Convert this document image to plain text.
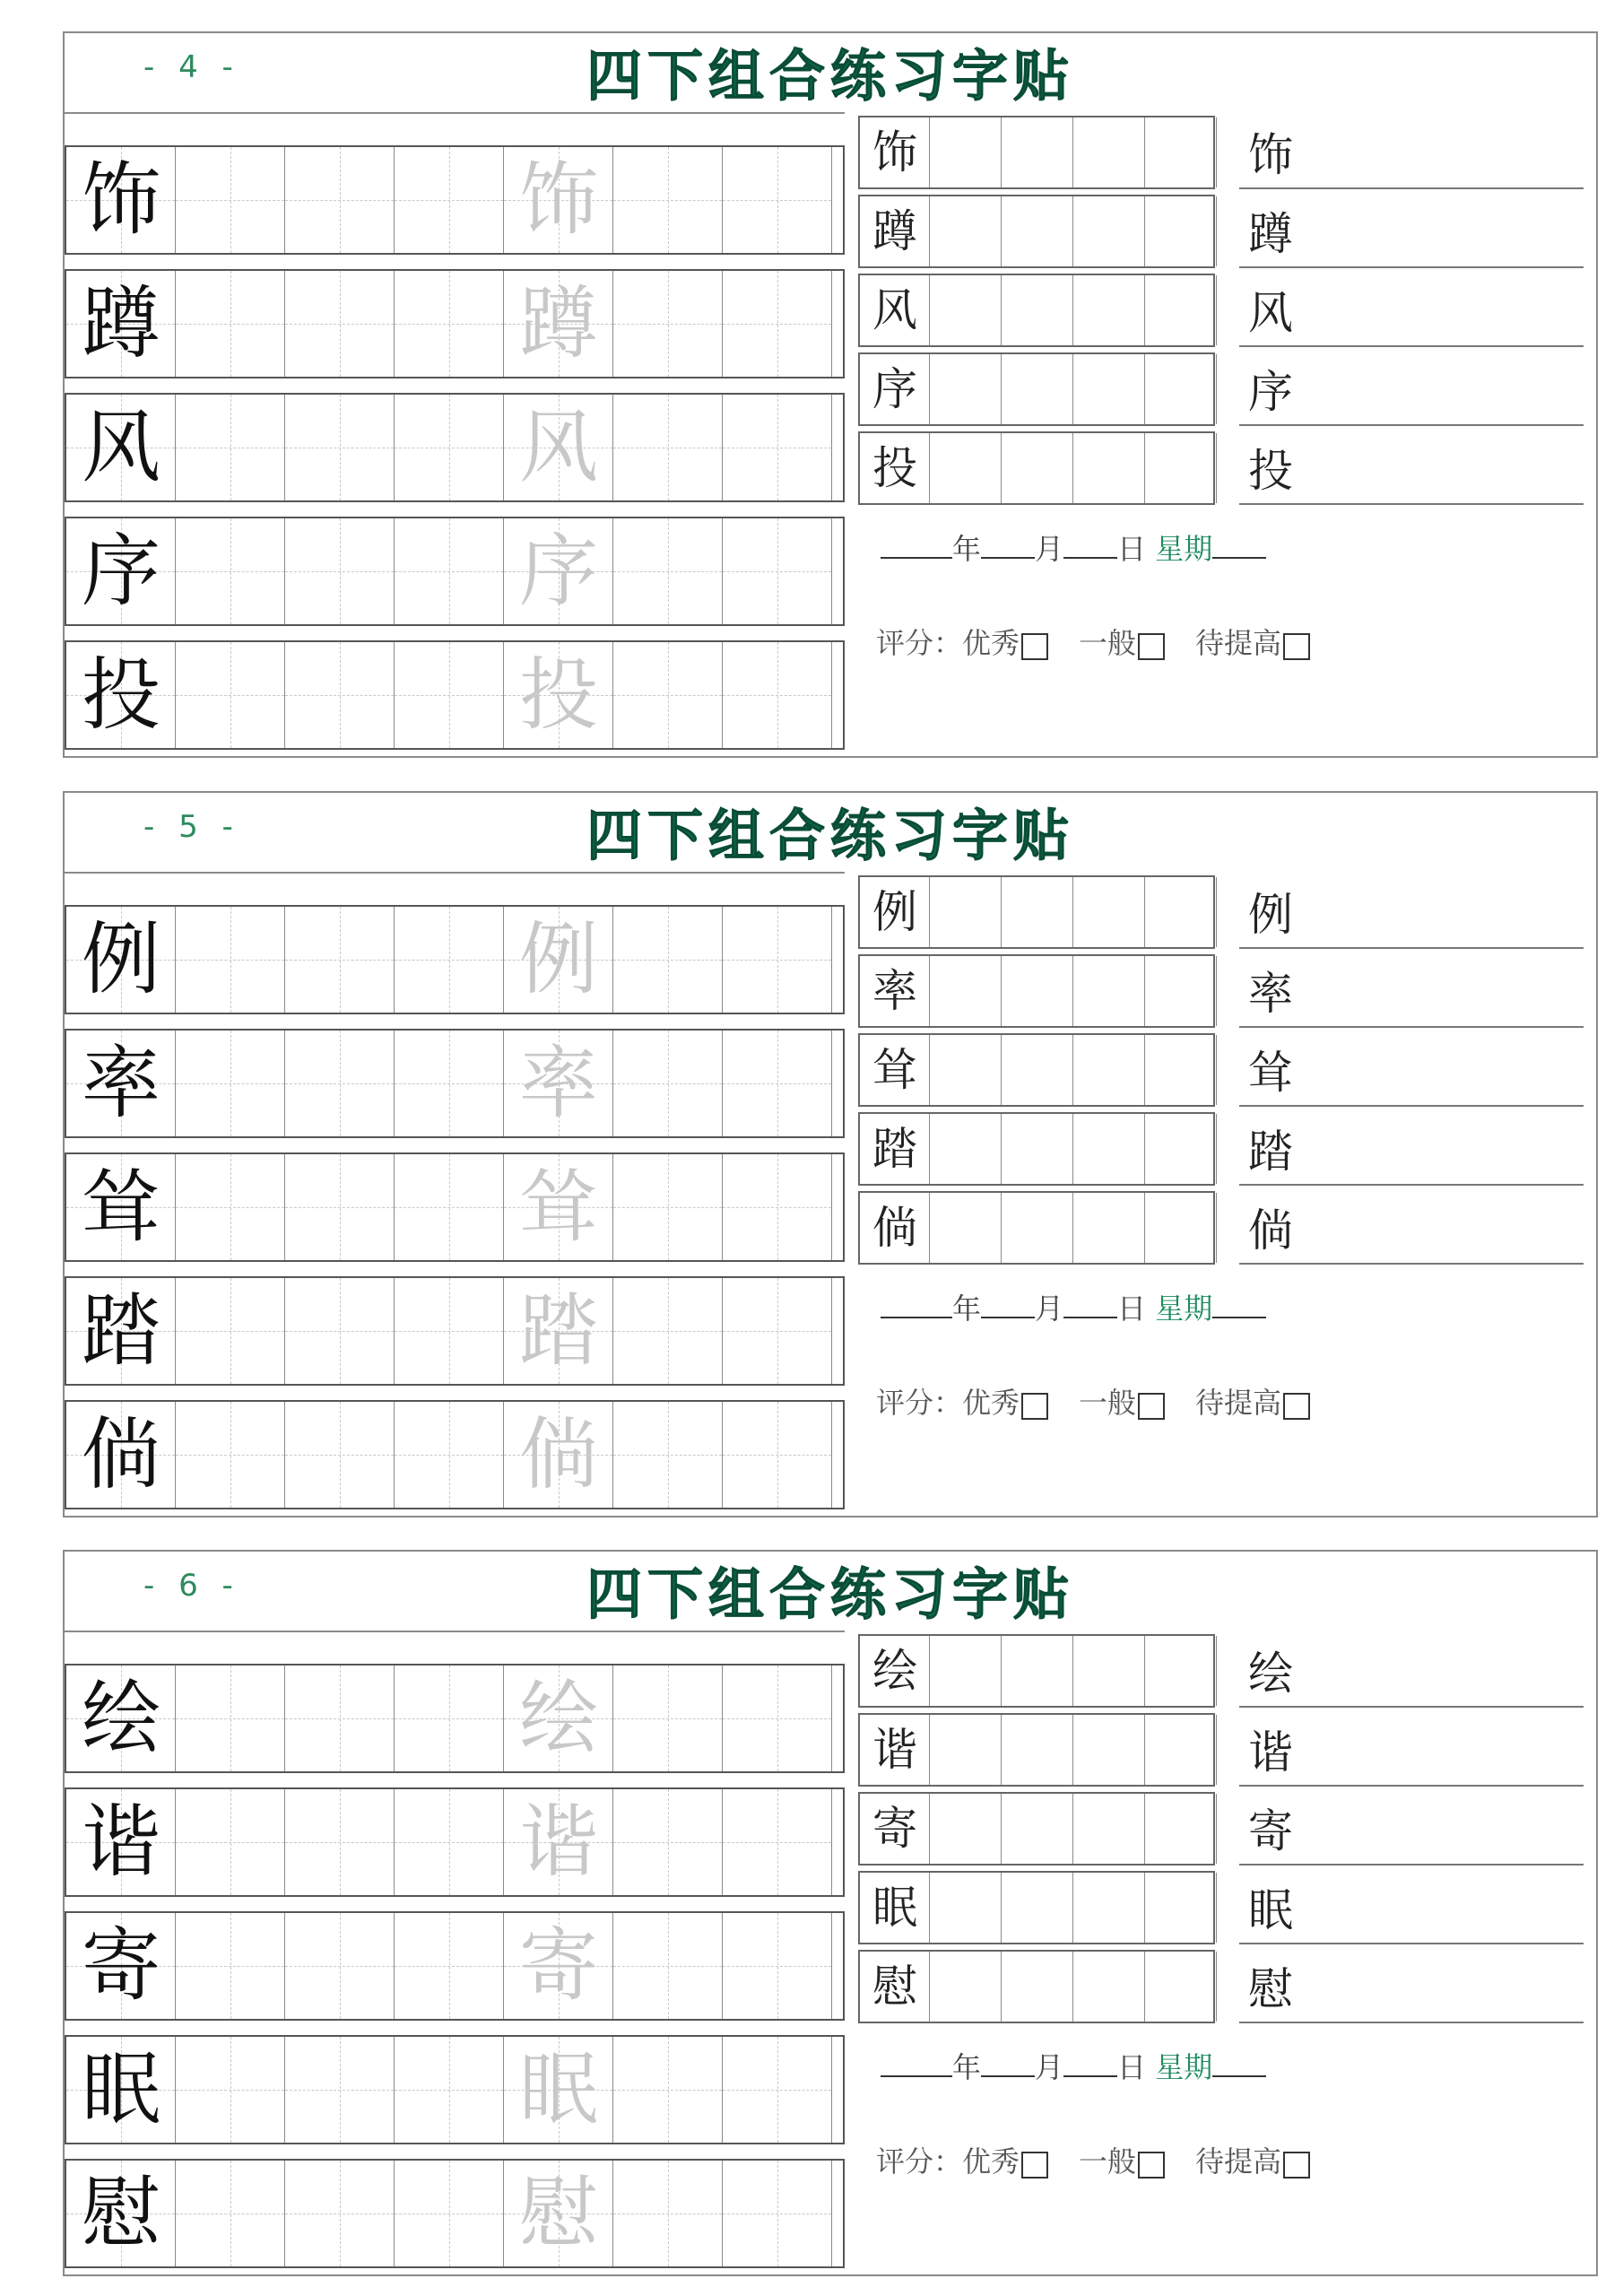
- 4 -	四下组合练习字贴
饰	饰
饰	饰
蹲	蹲
蹲	蹲
风	风
风	风
序	序
序	序
投	投
投	投
年 月 日 星期
评分：优秀 一般 待提高
- 5 -	四下组合练习字贴
例	例
例	例
率	率
率	率
耸	耸
耸	耸
踏	踏
踏	踏
倘	倘
倘	倘
年 月 日 星期
评分：优秀 一般 待提高
- 6 -	四下组合练习字贴
绘	绘
绘	绘
谐	谐
谐	谐
寄	寄
寄	寄
眠	眠
眠	眠
慰	慰
慰	慰
年 月 日 星期
评分：优秀 一般 待提高
